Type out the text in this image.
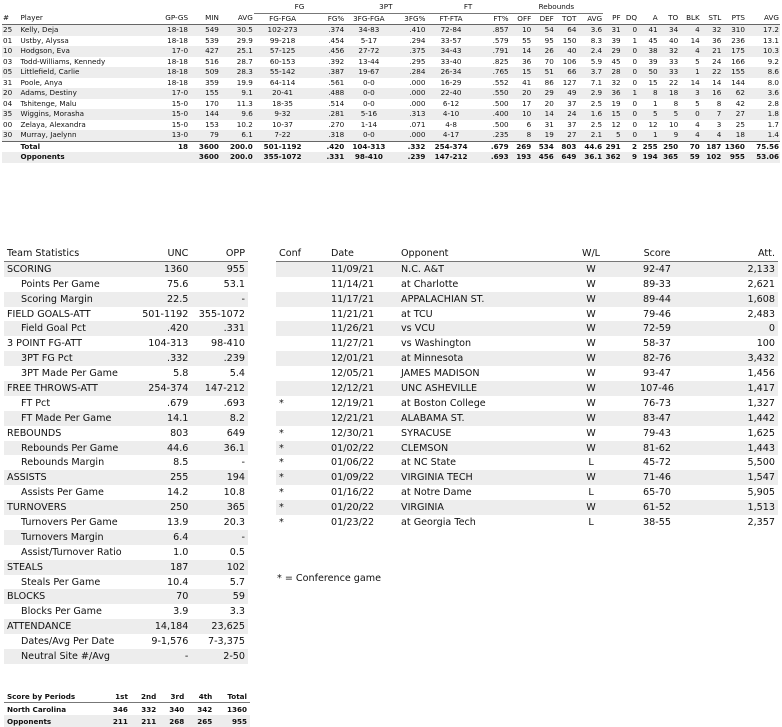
					FG		3PT		FT		Rebounds											
#	Player	GP-GS	MIN	AVG	FG-FGA	FG%	3FG-FGA	3FG%	FT-FTA	FT%	OFF	DEF	TOT	AVG	PF	DQ	A	TO	BLK	STL	PTS	AVG
25	Kelly, Deja	18-18	549	30.5	102-273	.374	34-83	.410	72-84	.857	10	54	64	3.6	31	0	41	34	4	32	310	17.2
01	Ustby, Alyssa	18-18	539	29.9	99-218	.454	5-17	.294	33-57	.579	55	95	150	8.3	39	1	45	40	14	36	236	13.1
10	Hodgson, Eva	17-0	427	25.1	57-125	.456	27-72	.375	34-43	.791	14	26	40	2.4	29	0	38	32	4	21	175	10.3
03	Todd-Williams, Kennedy	18-18	516	28.7	60-153	.392	13-44	.295	33-40	.825	36	70	106	5.9	45	0	39	33	5	24	166	9.2
05	Littlefield, Carlie	18-18	509	28.3	55-142	.387	19-67	.284	26-34	.765	15	51	66	3.7	28	0	50	33	1	22	155	8.6
31	Poole, Anya	18-18	359	19.9	64-114	.561	0-0	.000	16-29	.552	41	86	127	7.1	32	0	15	22	14	14	144	8.0
20	Adams, Destiny	17-0	155	9.1	20-41	.488	0-0	.000	22-40	.550	20	29	49	2.9	36	1	8	18	3	16	62	3.6
04	Tshitenge, Malu	15-0	170	11.3	18-35	.514	0-0	.000	6-12	.500	17	20	37	2.5	19	0	1	8	5	8	42	2.8
35	Wiggins, Morasha	15-0	144	9.6	9-32	.281	5-16	.313	4-10	.400	10	14	24	1.6	15	0	5	5	0	7	27	1.8
00	Zelaya, Alexandra	15-0	153	10.2	10-37	.270	1-14	.071	4-8	.500	6	31	37	2.5	12	0	12	10	4	3	25	1.7
30	Murray, Jaelynn	13-0	79	6.1	7-22	.318	0-0	.000	4-17	.235	8	19	27	2.1	5	0	1	9	4	4	18	1.4
	Total	18	3600	200.0	501-1192	.420	104-313	.332	254-374	.679	269	534	803	44.6	291	2	255	250	70	187	1360	75.56
	Opponents		3600	200.0	355-1072	.331	98-410	.239	147-212	.693	193	456	649	36.1	362	9	194	365	59	102	955	53.06
Team Statistics	UNC	OPP
SCORING	1360	955
Points Per Game	75.6	53.1
Scoring Margin	22.5	-
FIELD GOALS-ATT	501-1192	355-1072
Field Goal Pct	.420	.331
3 POINT FG-ATT	104-313	98-410
3PT FG Pct	.332	.239
3PT Made Per Game	5.8	5.4
FREE THROWS-ATT	254-374	147-212
FT Pct	.679	.693
FT Made Per Game	14.1	8.2
REBOUNDS	803	649
Rebounds Per Game	44.6	36.1
Rebounds Margin	8.5	-
ASSISTS	255	194
Assists Per Game	14.2	10.8
TURNOVERS	250	365
Turnovers Per Game	13.9	20.3
Turnovers Margin	6.4	-
Assist/Turnover Ratio	1.0	0.5
STEALS	187	102
Steals Per Game	10.4	5.7
BLOCKS	70	59
Blocks Per Game	3.9	3.3
ATTENDANCE	14,184	23,625
Dates/Avg Per Date	9-1,576	7-3,375
Neutral Site #/Avg	-	2-50
Conf	Date	Opponent	W/L	Score	Att.
	11/09/21	N.C. A&T	W	92-47	2,133
	11/14/21	at Charlotte	W	89-33	2,621
	11/17/21	APPALACHIAN ST.	W	89-44	1,608
	11/21/21	at TCU	W	79-46	2,483
	11/26/21	vs VCU	W	72-59	0
	11/27/21	vs Washington	W	58-37	100
	12/01/21	at Minnesota	W	82-76	3,432
	12/05/21	JAMES MADISON	W	93-47	1,456
	12/12/21	UNC ASHEVILLE	W	107-46	1,417
*	12/19/21	at Boston College	W	76-73	1,327
	12/21/21	ALABAMA ST.	W	83-47	1,442
*	12/30/21	SYRACUSE	W	79-43	1,625
*	01/02/22	CLEMSON	W	81-62	1,443
*	01/06/22	at NC State	L	45-72	5,500
*	01/09/22	VIRGINIA TECH	W	71-46	1,547
*	01/16/22	at Notre Dame	L	65-70	5,905
*	01/20/22	VIRGINIA	W	61-52	1,513
*	01/23/22	at Georgia Tech	L	38-55	2,357
* = Conference game
Score by Periods	1st	2nd	3rd	4th	Total
North Carolina	346	332	340	342	1360
Opponents	211	211	268	265	955
